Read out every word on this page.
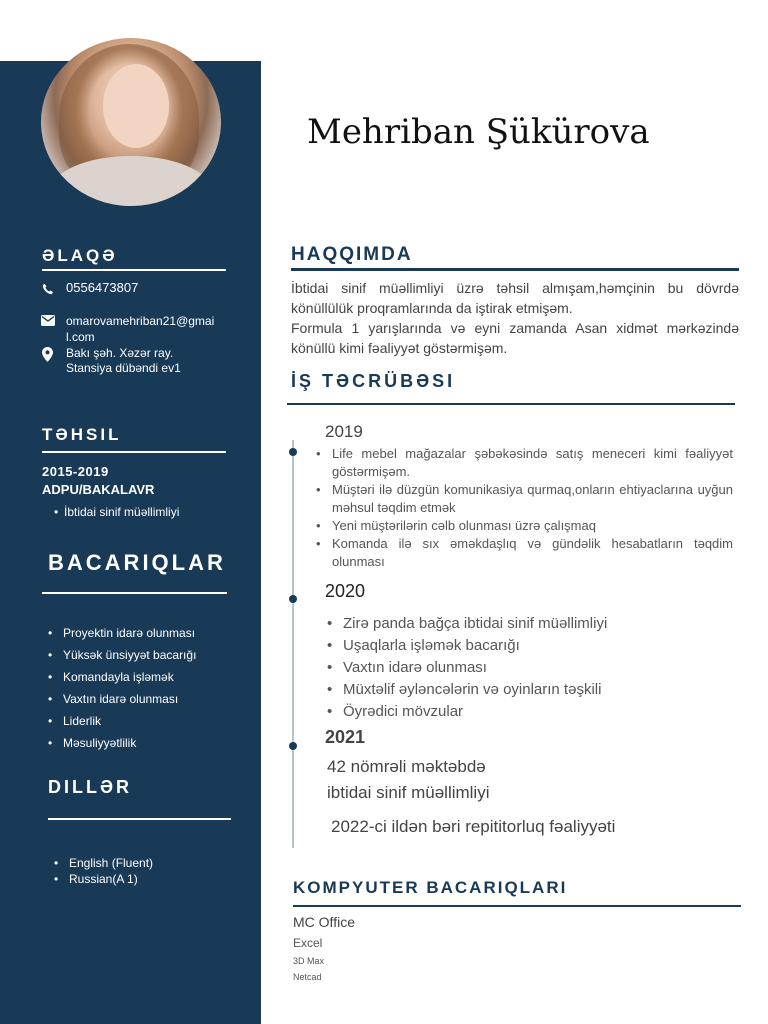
ƏLAQƏ
0556473807
omarovamehriban21@gmai
l.com
Bakı şəh. Xəzər ray.
Stansiya dübəndi ev1
TƏHSIL
2015-2019
ADPU/BAKALAVR
• İbtidai sinif müəllimliyi
BACARIQLAR
• Proyektin idarə olunması
• Yüksək ünsiyyət bacarığı
• Komandayla işləmək
• Vaxtın idarə olunması
• Liderlik
• Məsuliyyətlilik
DILLƏR
• English (Fluent)
• Russian(A 1)
Mehriban Şükürova
HAQQIMDA

İbtidai sinif müəllimliyi üzrə təhsil almışam,həmçinin bu dövrdə könüllülük proqramlarında da iştirak etmişəm.

Formula 1 yarışlarında və eyni zamanda Asan xidmət mərkəzində könüllü kimi fəaliyyət göstərmişəm.

İŞ TƏCRÜBƏSI
2019
• Life mebel mağazalar şəbəkəsində satış meneceri kimi fəaliyyət göstərmişəm.
• Müştəri ilə düzgün komunikasiya qurmaq,onların ehtiyaclarına uyğun məhsul təqdim etmək
• Yeni müştərilərin cəlb olunması üzrə çalışmaq
• Komanda ilə sıx əməkdaşlıq və gündəlik hesabatların təqdim olunması
2020
• Zirə panda bağça ibtidai sinif müəllimliyi
• Uşaqlarla işləmək bacarığı
• Vaxtın idarə olunması
• Müxtəlif əyləncələrin və oyinların təşkili
• Öyrədici mövzular
2021
42 nömrəli məktəbdə
ibtidai sinif müəllimliyi
2022-ci ildən bəri repititorluq fəaliyyəti
KOMPYUTER BACARIQLARI
MC Office
Excel
3D Max
Netcad
